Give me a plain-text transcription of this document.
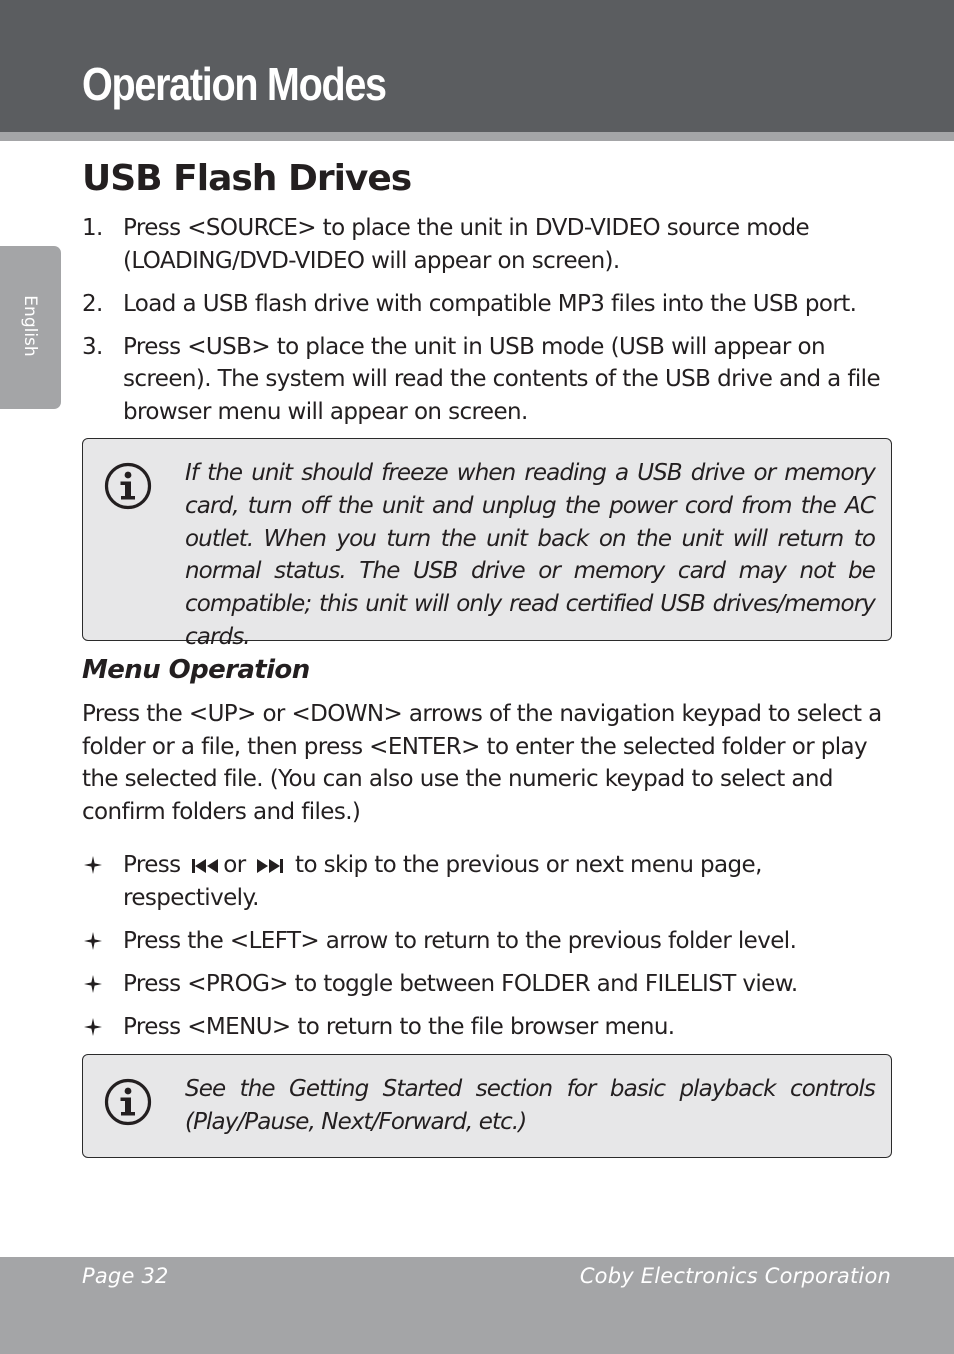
Operation Modes
English
USB Flash Drives
1. Press <SOURCE> to place the unit in DVD-VIDEO source mode (LOADING/DVD-VIDEO will appear on screen).
2. Load a USB flash drive with compatible MP3 files into the USB port.
3. Press <USB> to place the unit in USB mode (USB will appear on screen). The system will read the contents of the USB drive and a file browser menu will appear on screen.

If the unit should freeze when reading a USB drive or memory card, turn off the unit and unplug the power cord from the AC outlet. When you turn the unit back on the unit will return to normal status. The USB drive or memory card may not be compatible; this unit will only read certified USB drives/memory cards.

Menu Operation

Press the <UP> or <DOWN> arrows of the navigation keypad to select a folder or a file, then press <ENTER> to enter the selected folder or play the selected file. (You can also use the numeric keypad to select and confirm folders and files.)

Press or to skip to the previous or next menu page, respectively.
Press the <LEFT> arrow to return to the previous folder level.
Press <PROG> to toggle between FOLDER and FILELIST view.
Press <MENU> to return to the file browser menu.

See the Getting Started section for basic playback controls (Play/Pause, Next/Forward, etc.)

Page 32	Coby Electronics Corporation
